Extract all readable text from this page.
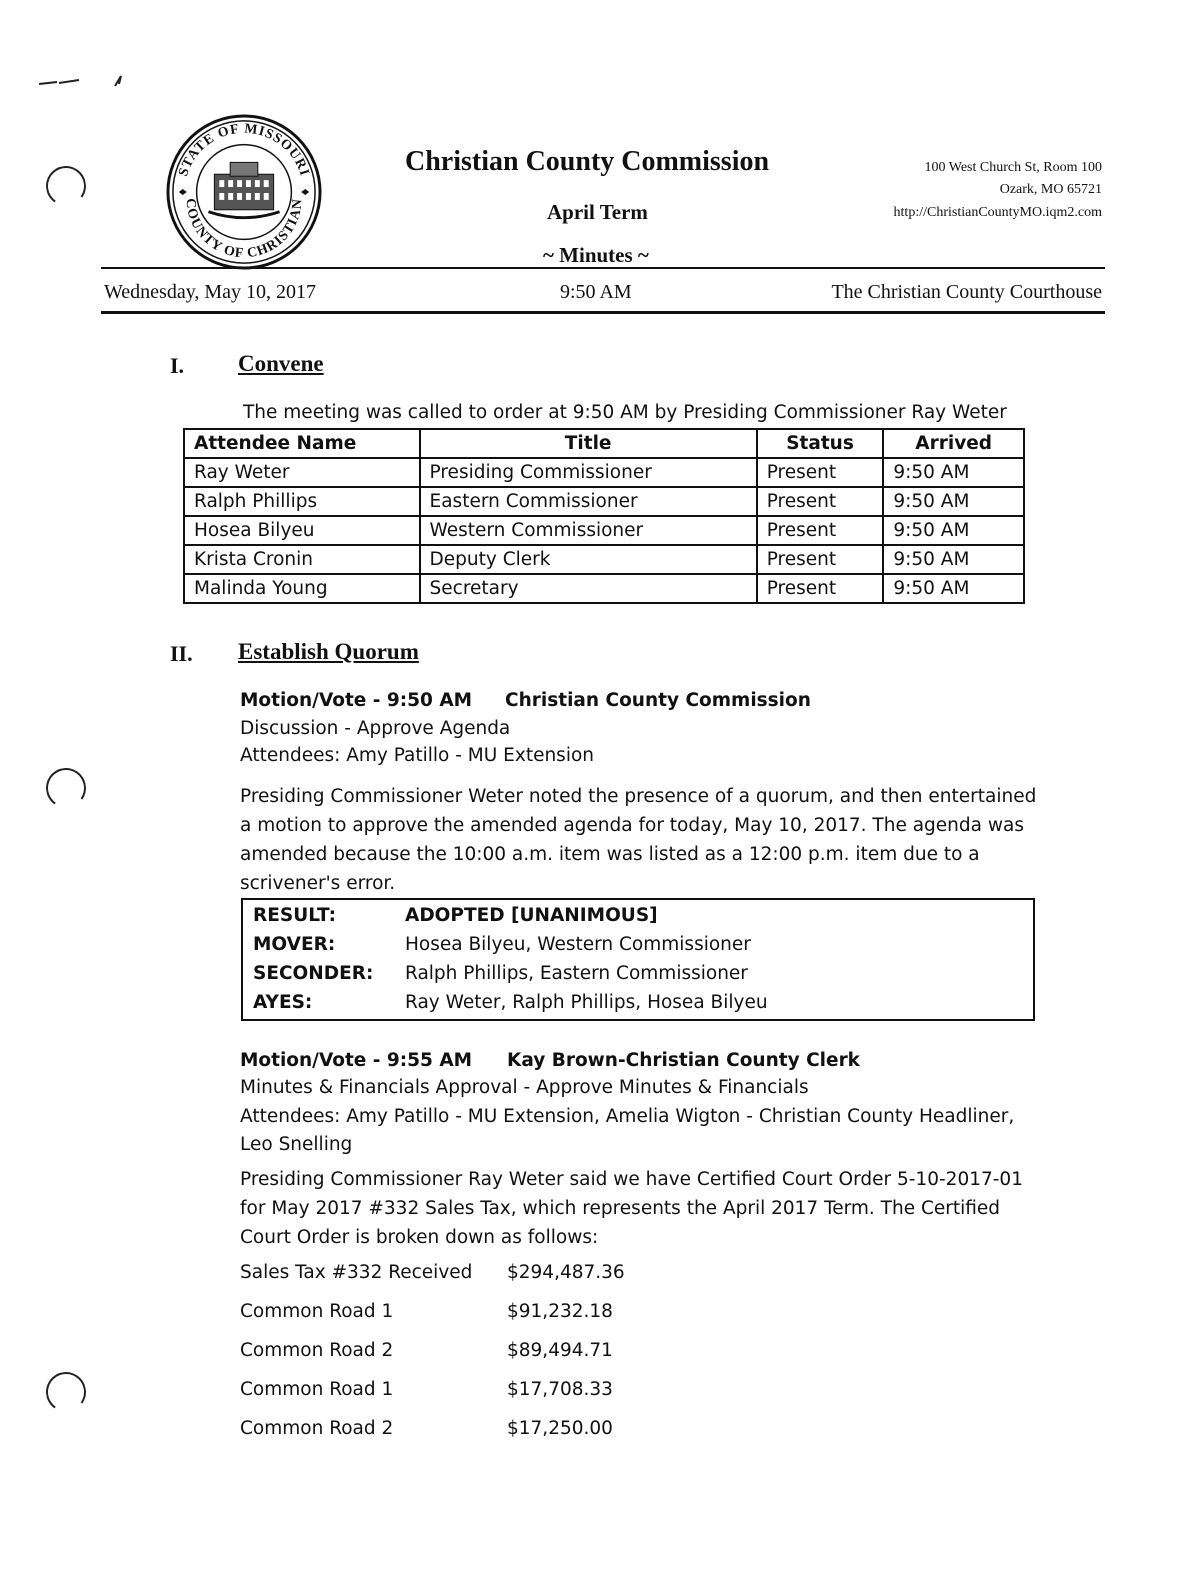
STATE OF MISSOURI
COUNTY OF CHRISTIAN
Christian County Commission
April Term
~ Minutes ~
100 West Church St, Room 100
Ozark, MO 65721
http://ChristianCountyMO.iqm2.com
Wednesday, May 10, 2017	9:50 AM	The Christian County Courthouse
I. Convene
The meeting was called to order at 9:50 AM by Presiding Commissioner Ray Weter
Attendee Name	Title	Status	Arrived
Ray Weter	Presiding Commissioner	Present	9:50 AM
Ralph Phillips	Eastern Commissioner	Present	9:50 AM
Hosea Bilyeu	Western Commissioner	Present	9:50 AM
Krista Cronin	Deputy Clerk	Present	9:50 AM
Malinda Young	Secretary	Present	9:50 AM
II. Establish Quorum
Motion/Vote - 9:50 AM Christian County Commission
Discussion - Approve Agenda
Attendees: Amy Patillo - MU Extension
Presiding Commissioner Weter noted the presence of a quorum, and then entertained a motion to approve the amended agenda for today, May 10, 2017. The agenda was amended because the 10:00 a.m. item was listed as a 12:00 p.m. item due to a scrivener's error.
RESULT:	ADOPTED [UNANIMOUS]
MOVER:	Hosea Bilyeu, Western Commissioner
SECONDER: Ralph Phillips, Eastern Commissioner
AYES:	Ray Weter, Ralph Phillips, Hosea Bilyeu
Motion/Vote - 9:55 AM Kay Brown-Christian County Clerk
Minutes & Financials Approval - Approve Minutes & Financials
Attendees: Amy Patillo - MU Extension, Amelia Wigton - Christian County Headliner, Leo Snelling
Presiding Commissioner Ray Weter said we have Certified Court Order 5-10-2017-01 for May 2017 #332 Sales Tax, which represents the April 2017 Term. The Certified Court Order is broken down as follows:
Sales Tax #332 Received $294,487.36
Common Road 1	$91,232.18
Common Road 2	$89,494.71
Common Road 1	$17,708.33
Common Road 2	$17,250.00
